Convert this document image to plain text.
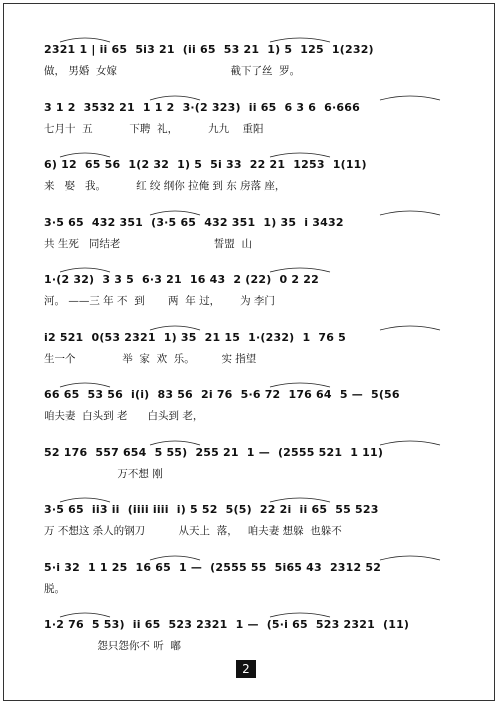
2321 1 | ii 65  5i3 21  (ii 65  53 21  1) 5  125  1(232)
做， 男婚  女嫁                                  截下了丝  罗。
3 1 2  3532 21  1 1 2  3·(2 323)  ii 65  6 3 6  6·666
七月十  五           下聘  礼，         九九    重阳
6) 12  65 56  1(2 32  1) 5  5i 33  22 21  1253  1(11)
来   娶   我。         红 绞 纲你 拉俺 到 东 房落 座，
3·5 65  432 351  (3·5 65  432 351  1) 35  i 3432
共 生死   同结老                            誓盟  山
1·(2 32)  3 3 5  6·3 21  16 43  2 (22)  0 2 22
河。 ——三 年 不  到       两  年 过，      为 李门
i2 521  0(53 2321  1) 35  21 15  1·(232)  1  76 5
生一个              举  家  欢  乐。        实 指望
66 65  53 56  i(i)  83 56  2i 76  5·6 72  176 64  5 —  5(56
咱夫妻  白头到 老      白头到 老，
52 176  557 654  5 55)  255 21  1 —  (2555 521  1 11)
万不想 刚
3·5 65  ii3 ii  (iiii iiii  i) 5 52  5(5)  22 2i  ii 65  55 523
万 不想这 杀人的钢刀          从天上  落，   咱夫妻 想躲  也躲不
5·i 32  1 1 25  16 65  1 —  (2555 55  5i65 43  2312 52
脱。
1·2 76  5 53)  ii 65  523 2321  1 —  (5·i 65  523 2321  (11)
怨只怨你不 听  嘟
2
